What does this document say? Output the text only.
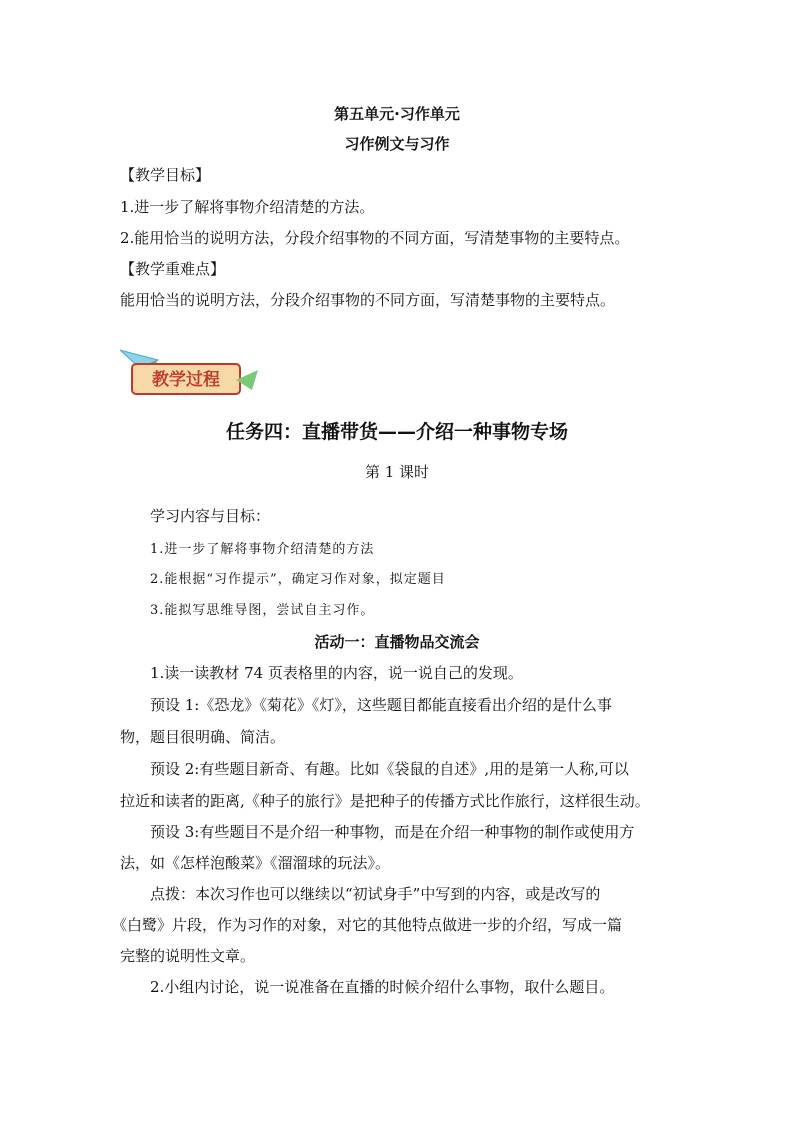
第五单元·习作单元
习作例文与习作
【教学目标】
1.进一步了解将事物介绍清楚的方法。
2.能用恰当的说明方法，分段介绍事物的不同方面，写清楚事物的主要特点。
【教学重难点】
能用恰当的说明方法，分段介绍事物的不同方面，写清楚事物的主要特点。
教学过程
任务四：直播带货——介绍一种事物专场
第 1 课时
学习内容与目标：
1.进一步了解将事物介绍清楚的方法
2.能根据“习作提示”，确定习作对象，拟定题目
3.能拟写思维导图，尝试自主习作。
活动一：直播物品交流会
1.读一读教材 74 页表格里的内容，说一说自己的发现。
预设 1:《恐龙》《菊花》《灯》，这些题目都能直接看出介绍的是什么事
物，题目很明确、简洁。
预设 2:有些题目新奇、有趣。比如《袋鼠的自述》,用的是第一人称,可以
拉近和读者的距离,《种子的旅行》是把种子的传播方式比作旅行，这样很生动。
预设 3:有些题目不是介绍一种事物，而是在介绍一种事物的制作或使用方
法，如《怎样泡酸菜》《溜溜球的玩法》。
点拨：本次习作也可以继续以“初试身手”中写到的内容，或是改写的
《白鹭》片段，作为习作的对象，对它的其他特点做进一步的介绍，写成一篇
完整的说明性文章。
2.小组内讨论，说一说准备在直播的时候介绍什么事物，取什么题目。
